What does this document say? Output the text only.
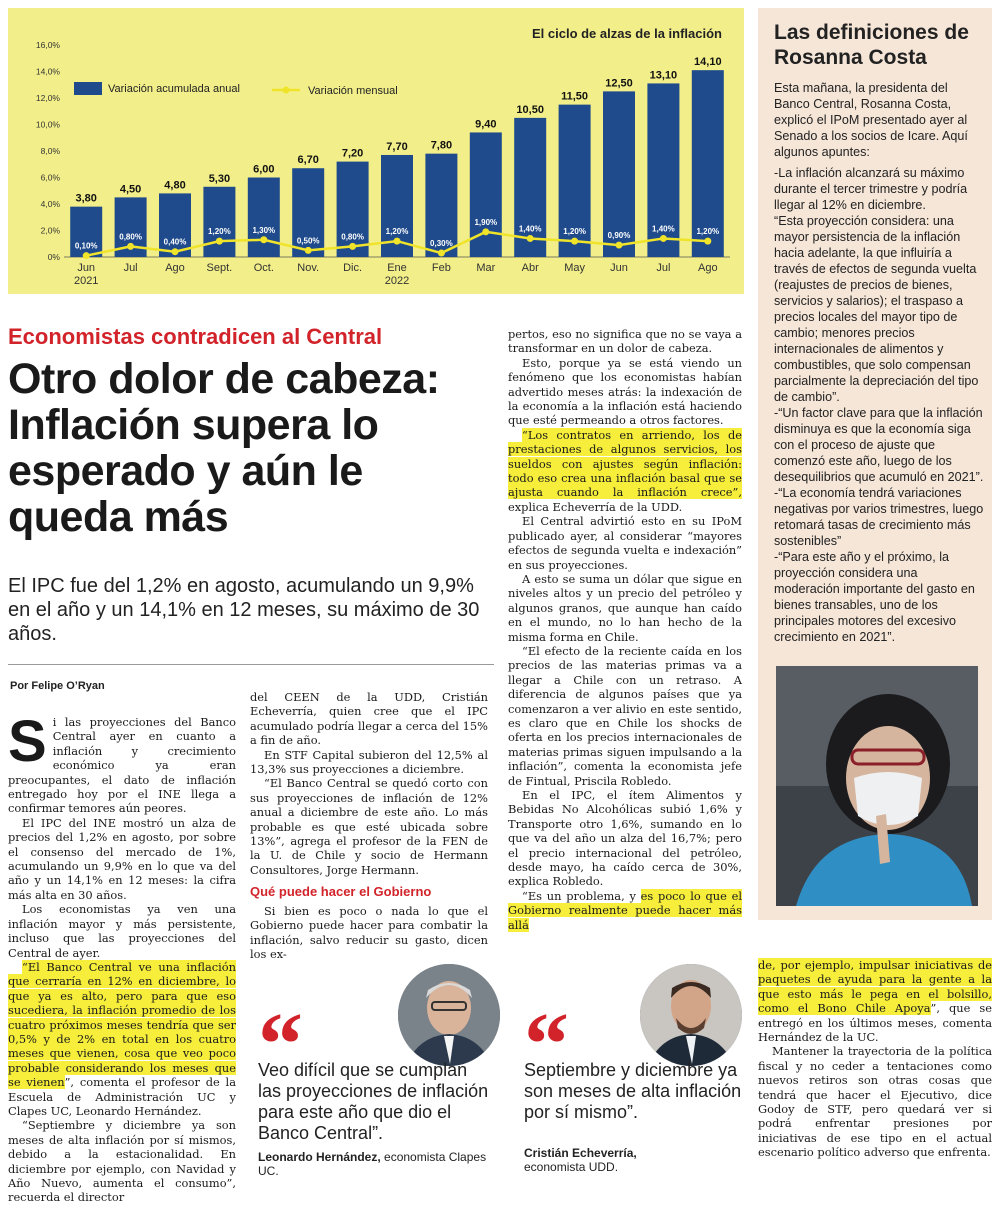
El ciclo de alzas de la inflación
0%
2,0%
4,0%
6,0%
8,0%
10,0%
12,0%
14,0%
16,0%
Variación acumulada anual	Variación mensual
3,80
4,50 4,80
5,30
6,00
6,70
7,20
7,70 7,80
9,40
10,50
11,50
12,50
13,10
14,10
0,10%
0,80%
0,40%
1,20%	1,30%
0,50%	0,80%
1,20%
0,30%
1,90%
1,40%	1,20%	0,90%
1,40%	1,20%
Jun
2021
Jul	Ago Sept. Oct. Nov. Dic. Ene
2022
Feb Mar Abr May Jun	Jul	Ago
Las definiciones de Rosanna Costa
Esta mañana, la presidenta del Banco Central, Rosanna Costa, explicó el IPoM presentado ayer al Senado a los socios de Icare. Aquí algunos apuntes:
-La inflación alcanzará su máximo durante el tercer trimestre y podría llegar al 12% en diciembre.
“Esta proyección considera: una mayor persistencia de la inflación hacia adelante, la que influiría a través de efectos de segunda vuelta (reajustes de precios de bienes, servicios y salarios); el traspaso a precios locales del mayor tipo de cambio; menores precios internacionales de alimentos y combustibles, que solo compensan parcialmente la depreciación del tipo de cambio”.
-“Un factor clave para que la inflación disminuya es que la economía siga con el proceso de ajuste que comenzó este año, luego de los desequilibrios que acumuló en 2021”.
-“La economía tendrá variaciones negativas por varios trimestres, luego retomará tasas de crecimiento más sostenibles”
-“Para este año y el próximo, la proyección considera una moderación importante del gasto en bienes transables, uno de los principales motores del excesivo crecimiento en 2021”.
Economistas contradicen al Central
Otro dolor de cabeza: Inflación supera lo esperado y aún le queda más
El IPC fue del 1,2% en agosto, acumulando un 9,9% en el año y un 14,1% en 12 meses, su máximo de 30 años.
Por Felipe O’Ryan

Si las proyecciones del Banco Central ayer en cuanto a inflación y crecimiento económico ya eran preocupantes, el dato de inflación entregado hoy por el INE llega a confirmar temores aún peores.

El IPC del INE mostró un alza de precios del 1,2% en agosto, por sobre el consenso del mercado de 1%, acumulando un 9,9% en lo que va del año y un 14,1% en 12 meses: la cifra más alta en 30 años.

Los economistas ya ven una inflación mayor y más persistente, incluso que las proyecciones del Central de ayer.

“El Banco Central ve una inflación que cerraría en 12% en diciembre, lo que ya es alto, pero para que eso sucediera, la inflación promedio de los cuatro próximos meses tendría que ser 0,5% y de 2% en total en los cuatro meses que vienen, cosa que veo poco probable considerando los meses que se vienen”, comenta el profesor de la Escuela de Administración UC y Clapes UC, Leonardo Hernández.

“Septiembre y diciembre ya son meses de alta inflación por sí mismos, debido a la estacionalidad. En diciembre por ejemplo, con Navidad y Año Nuevo, aumenta el consumo”, recuerda el director

del CEEN de la UDD, Cristián Echeverría, quien cree que el IPC acumulado podría llegar a cerca del 15% a fin de año.

En STF Capital subieron del 12,5% al 13,3% sus proyecciones a diciembre.

“El Banco Central se quedó corto con sus proyecciones de inflación de 12% anual a diciembre de este año. Lo más probable es que esté ubicada sobre 13%”, agrega el profesor de la FEN de la U. de Chile y socio de Hermann Consultores, Jorge Hermann.

Qué puede hacer el Gobierno

Si bien es poco o nada lo que el Gobierno puede hacer para combatir la inflación, salvo reducir su gasto, dicen los ex-

“
Veo difícil que se cumplan las proyecciones de inflación para este año que dio el Banco Central”.
Leonardo Hernández, economista Clapes UC.

pertos, eso no significa que no se vaya a transformar en un dolor de cabeza.

Esto, porque ya se está viendo un fenómeno que los economistas habían advertido meses atrás: la indexación de la economía a la inflación está haciendo que esté permeando a otros factores.

“Los contratos en arriendo, los de prestaciones de algunos servicios, los sueldos con ajustes según inflación: todo eso crea una inflación basal que se ajusta cuando la inflación crece”, explica Echeverría de la UDD.

El Central advirtió esto en su IPoM publicado ayer, al considerar “mayores efectos de segunda vuelta e indexación” en sus proyecciones.

A esto se suma un dólar que sigue en niveles altos y un precio del petróleo y algunos granos, que aunque han caído en el mundo, no lo han hecho de la misma forma en Chile.

“El efecto de la reciente caída en los precios de las materias primas va a llegar a Chile con un retraso. A diferencia de algunos países que ya comenzaron a ver alivio en este sentido, es claro que en Chile los shocks de oferta en los precios internacionales de materias primas siguen impulsando a la inflación”, comenta la economista jefe de Fintual, Priscila Robledo.

En el IPC, el ítem Alimentos y Bebidas No Alcohólicas subió 1,6% y Transporte otro 1,6%, sumando en lo que va del año un alza del 16,7%; pero el precio internacional del petróleo, desde mayo, ha caído cerca de 30%, explica Robledo.

“Es un problema, y es poco lo que el Gobierno realmente puede hacer más allá

“
Septiembre y diciembre ya son meses de alta inflación por sí mismo”.
Cristián Echeverría,
economista UDD.

de, por ejemplo, impulsar iniciativas de paquetes de ayuda para la gente a la que esto más le pega en el bolsillo, como el Bono Chile Apoya”, que se entregó en los últimos meses, comenta Hernández de la UC.

Mantener la trayectoria de la política fiscal y no ceder a tentaciones como nuevos retiros son otras cosas que tendrá que hacer el Ejecutivo, dice Godoy de STF, pero quedará ver si podrá enfrentar presiones por iniciativas de ese tipo en el actual escenario político adverso que enfrenta.
